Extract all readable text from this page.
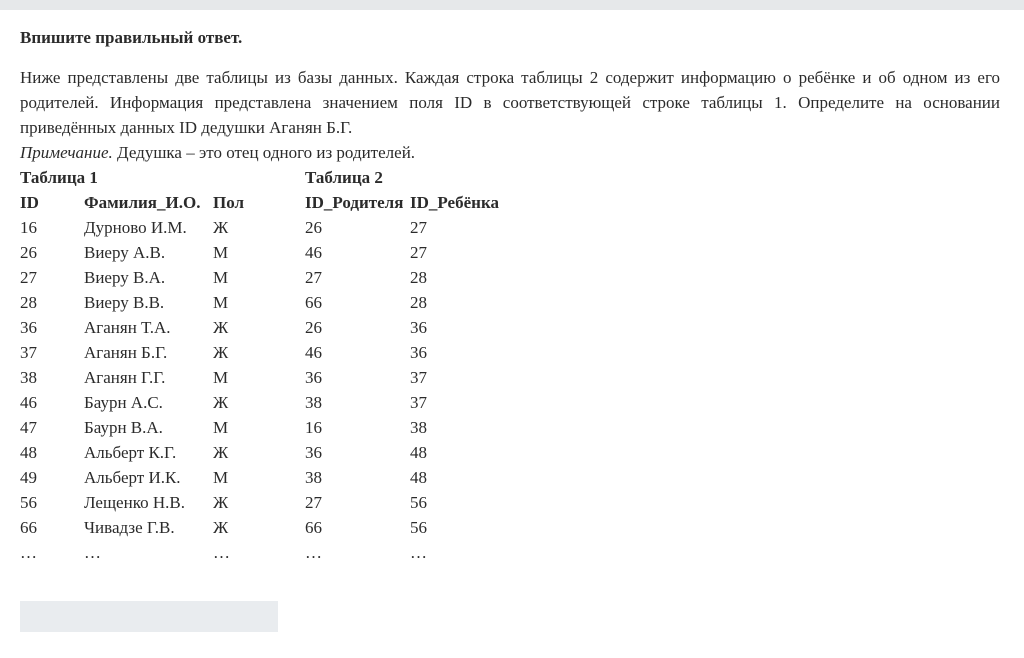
Впишите правильный ответ.

Ниже представлены две таблицы из базы данных. Каждая строка таблицы 2 содержит информацию о ребёнке и об одном из его родителей. Информация представлена значением поля ID в соответствующей строке таблицы 1. Определите на основании приведённых данных ID дедушки Аганян Б.Г.

Примечание. Дедушка – это отец одного из родителей.

Таблица 1			Таблица 2	
ID	Фамилия_И.О.	Пол	ID_Родителя	ID_Ребёнка
16	Дурново И.М.	Ж	26	27
26	Виеру А.В.	М	46	27
27	Виеру В.А.	М	27	28
28	Виеру В.В.	М	66	28
36	Аганян Т.А.	Ж	26	36
37	Аганян Б.Г.	Ж	46	36
38	Аганян Г.Г.	М	36	37
46	Баурн А.С.	Ж	38	37
47	Баурн В.А.	М	16	38
48	Альберт К.Г.	Ж	36	48
49	Альберт И.К.	М	38	48
56	Лещенко Н.В.	Ж	27	56
66	Чивадзе Г.В.	Ж	66	56
…	…	…	…	…
